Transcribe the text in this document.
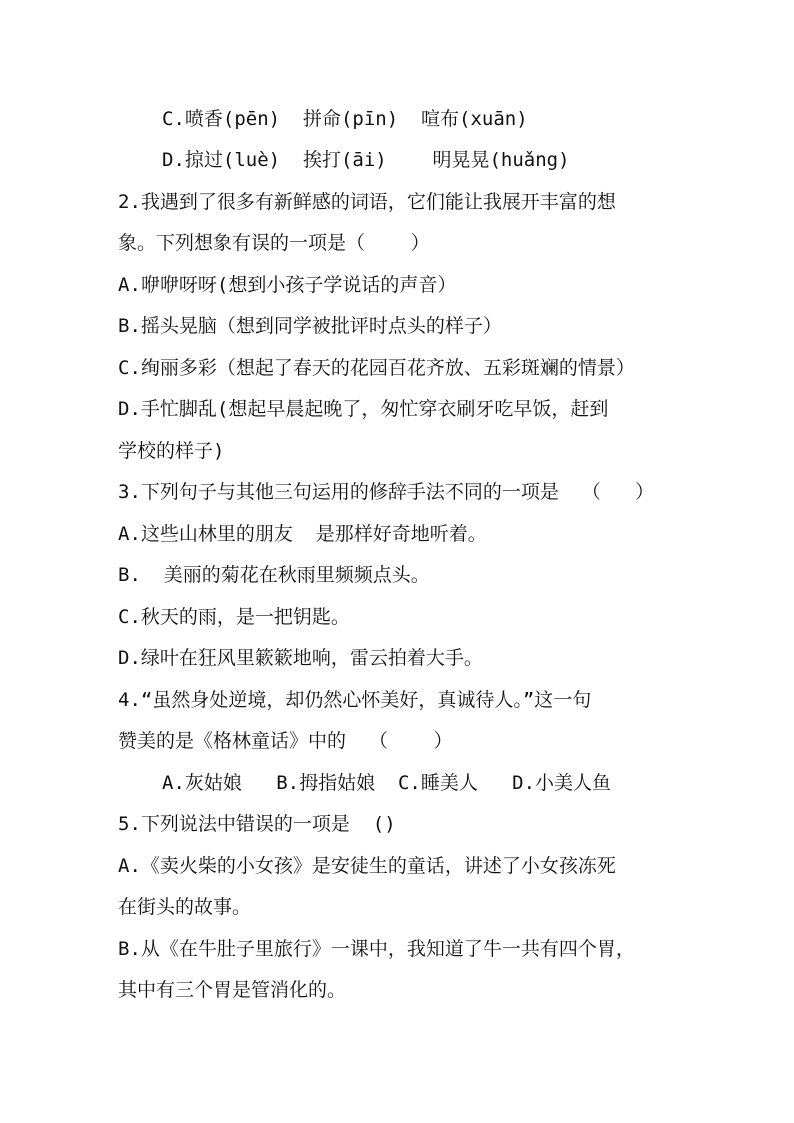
C.喷香(pēn)  拼命(pīn)  喧布(xuān)
D.掠过(luè)  挨打(āi)    明晃晃(huǎng)
2.我遇到了很多有新鲜感的词语，它们能让我展开丰富的想
象。下列想象有误的一项是（    ）
A.咿咿呀呀(想到小孩子学说话的声音）
B.摇头晃脑（想到同学被批评时点头的样子）
C.绚丽多彩（想起了春天的花园百花齐放、五彩斑斓的情景）
D.手忙脚乱(想起早晨起晚了，匆忙穿衣刷牙吃早饭，赶到
学校的样子)
3.下列句子与其他三句运用的修辞手法不同的一项是  （   ）
A.这些山林里的朋友  是那样好奇地听着。
B.  美丽的菊花在秋雨里频频点头。
C.秋天的雨，是一把钥匙。
D.绿叶在狂风里簌簌地响，雷云拍着大手。
4.“虽然身处逆境，却仍然心怀美好，真诚待人。”这一句
赞美的是《格林童话》中的  （    ）
A.灰姑娘   B.拇指姑娘  C.睡美人   D.小美人鱼
5.下列说法中错误的一项是  ()
A.《卖火柴的小女孩》是安徒生的童话，讲述了小女孩冻死
在街头的故事。
B.从《在牛肚子里旅行》一课中，我知道了牛一共有四个胃，
其中有三个胃是管消化的。
